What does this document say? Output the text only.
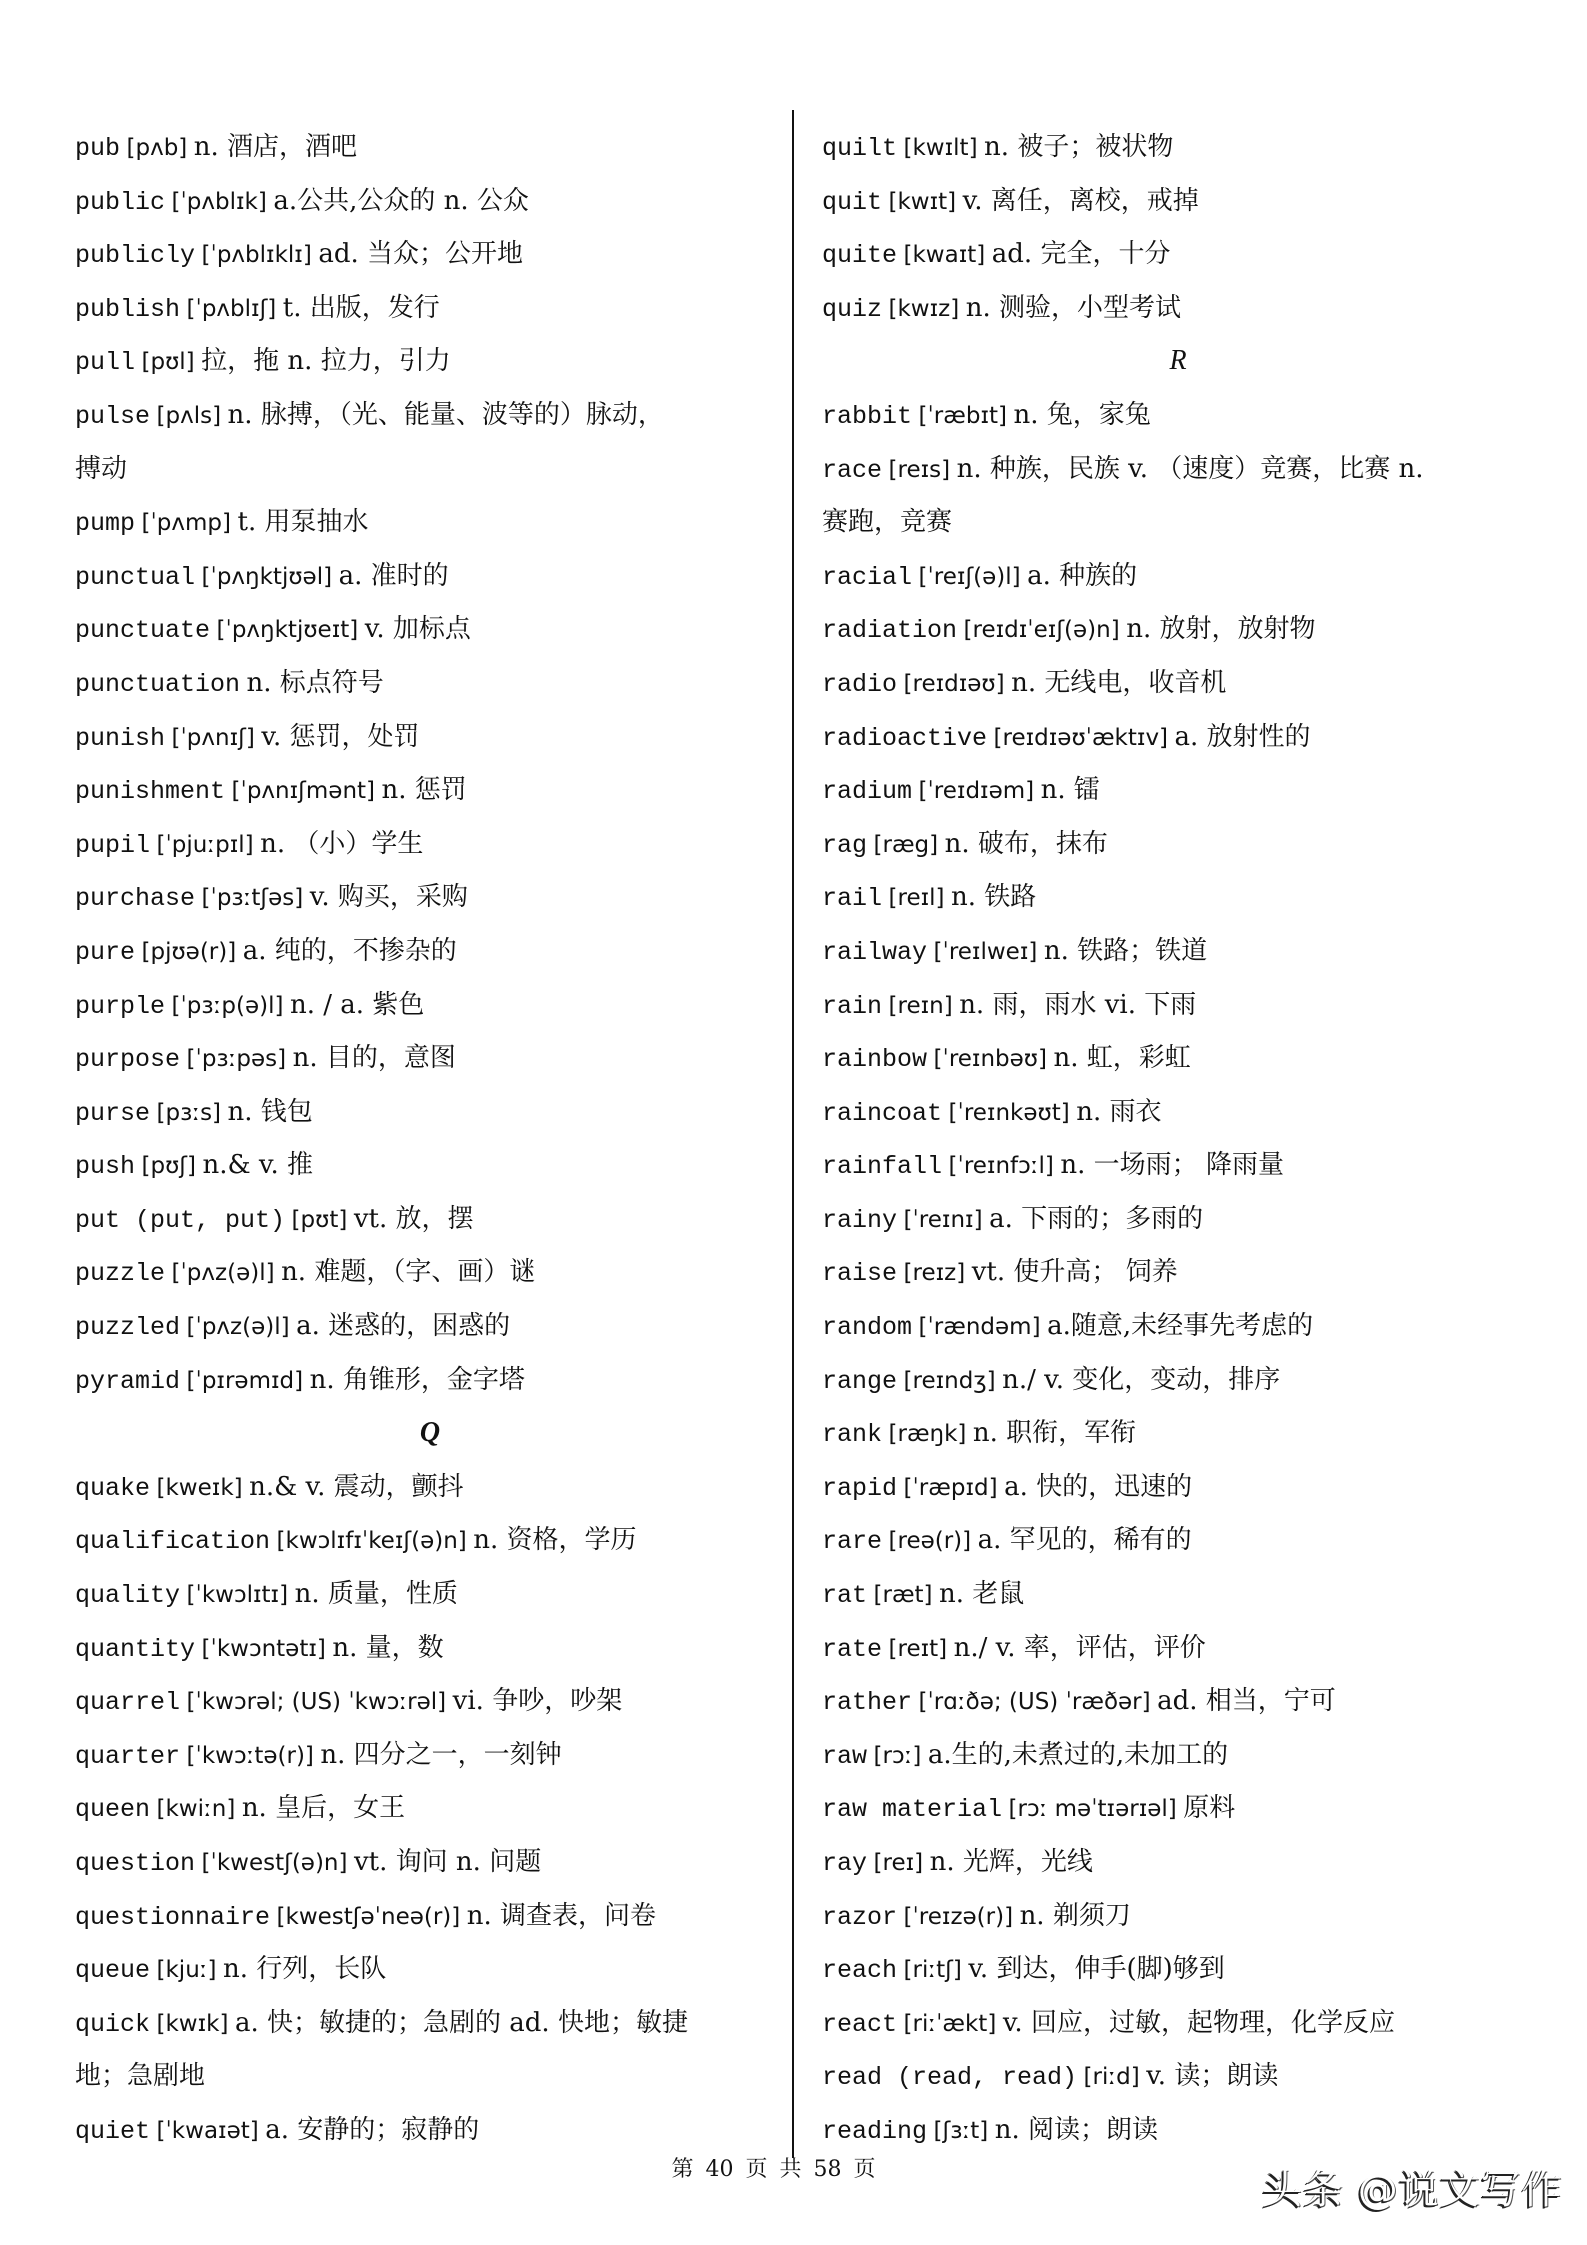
pub [pʌb] n. 酒店，酒吧
public [ˈpʌblɪk] a.公共,公众的 n. 公众
publicly [ˈpʌblɪklɪ] ad. 当众；公开地
publish [ˈpʌblɪʃ] t. 出版，发行
pull [pʊl] 拉，拖 n. 拉力，引力
pulse [pʌls] n. 脉搏，（光、能量、波等的）脉动，
搏动
pump [ˈpʌmp] t. 用泵抽水
punctual [ˈpʌŋktjʊəl] a. 准时的
punctuate [ˈpʌŋktjʊeɪt] v. 加标点
punctuation n. 标点符号
punish [ˈpʌnɪʃ] v. 惩罚，处罚
punishment [ˈpʌnɪʃmənt] n. 惩罚
pupil [ˈpjuːpɪl] n. （小）学生
purchase [ˈpɜːtʃəs] v. 购买，采购
pure [pjʊə(r)] a. 纯的，不掺杂的
purple [ˈpɜːp(ə)l] n. / a. 紫色
purpose [ˈpɜːpəs] n. 目的，意图
purse [pɜːs] n. 钱包
push [pʊʃ] n.& v. 推
put (put, put) [pʊt] vt. 放，摆
puzzle [ˈpʌz(ə)l] n. 难题，（字、画）谜
puzzled [ˈpʌz(ə)l] a. 迷惑的，困惑的
pyramid [ˈpɪrəmɪd] n. 角锥形，金字塔
Q
quake [kweɪk] n.& v. 震动，颤抖
qualification [kwɔlɪfɪˈkeɪʃ(ə)n] n. 资格，学历
quality [ˈkwɔlɪtɪ] n. 质量，性质
quantity [ˈkwɔntətɪ] n. 量，数
quarrel [ˈkwɔrəl; (US) ˈkwɔːrəl] vi. 争吵，吵架
quarter [ˈkwɔːtə(r)] n. 四分之一，一刻钟
queen [kwiːn] n. 皇后，女王
question [ˈkwestʃ(ə)n] vt. 询问 n. 问题
questionnaire [kwestʃəˈneə(r)] n. 调查表，问卷
queue [kjuː] n. 行列，长队
quick [kwɪk] a. 快；敏捷的；急剧的 ad. 快地；敏捷
地；急剧地
quiet [ˈkwaɪət] a. 安静的；寂静的
quilt [kwɪlt] n. 被子；被状物
quit [kwɪt] v. 离任，离校，戒掉
quite [kwaɪt] ad. 完全，十分
quiz [kwɪz] n. 测验，小型考试
R
rabbit [ˈræbɪt] n. 兔，家兔
race [reɪs] n. 种族，民族 v. （速度）竞赛，比赛 n.
赛跑，竞赛
racial [ˈreɪʃ(ə)l] a. 种族的
radiation [reɪdɪˈeɪʃ(ə)n] n. 放射，放射物
radio [reɪdɪəʊ] n. 无线电，收音机
radioactive [reɪdɪəʊˈæktɪv] a. 放射性的
radium [ˈreɪdɪəm] n. 镭
rag [ræg] n. 破布，抹布
rail [reɪl] n. 铁路
railway [ˈreɪlweɪ] n. 铁路；铁道
rain [reɪn] n. 雨，雨水 vi. 下雨
rainbow [ˈreɪnbəʊ] n. 虹，彩虹
raincoat [ˈreɪnkəʊt] n. 雨衣
rainfall [ˈreɪnfɔːl] n. 一场雨； 降雨量
rainy [ˈreɪnɪ] a. 下雨的；多雨的
raise [reɪz] vt. 使升高； 饲养
random [ˈrændəm] a.随意,未经事先考虑的
range [reɪndʒ] n./ v. 变化，变动，排序
rank [ræŋk] n. 职衔，军衔
rapid [ˈræpɪd] a. 快的，迅速的
rare [reə(r)] a. 罕见的，稀有的
rat [ræt] n. 老鼠
rate [reɪt] n./ v. 率，评估，评价
rather [ˈrɑːðə; (US) ˈræðər] ad. 相当，宁可
raw [rɔː] a.生的,未煮过的,未加工的
raw material [rɔː məˈtɪərɪəl] 原料
ray [reɪ] n. 光辉，光线
razor [ˈreɪzə(r)] n. 剃须刀
reach [riːtʃ] v. 到达，伸手(脚)够到
react [riːˈækt] v. 回应，过敏，起物理，化学反应
read (read, read) [riːd] v. 读；朗读
reading [ʃɜːt] n. 阅读；朗读
第 40 页 共 58 页	头条 @说文写作
